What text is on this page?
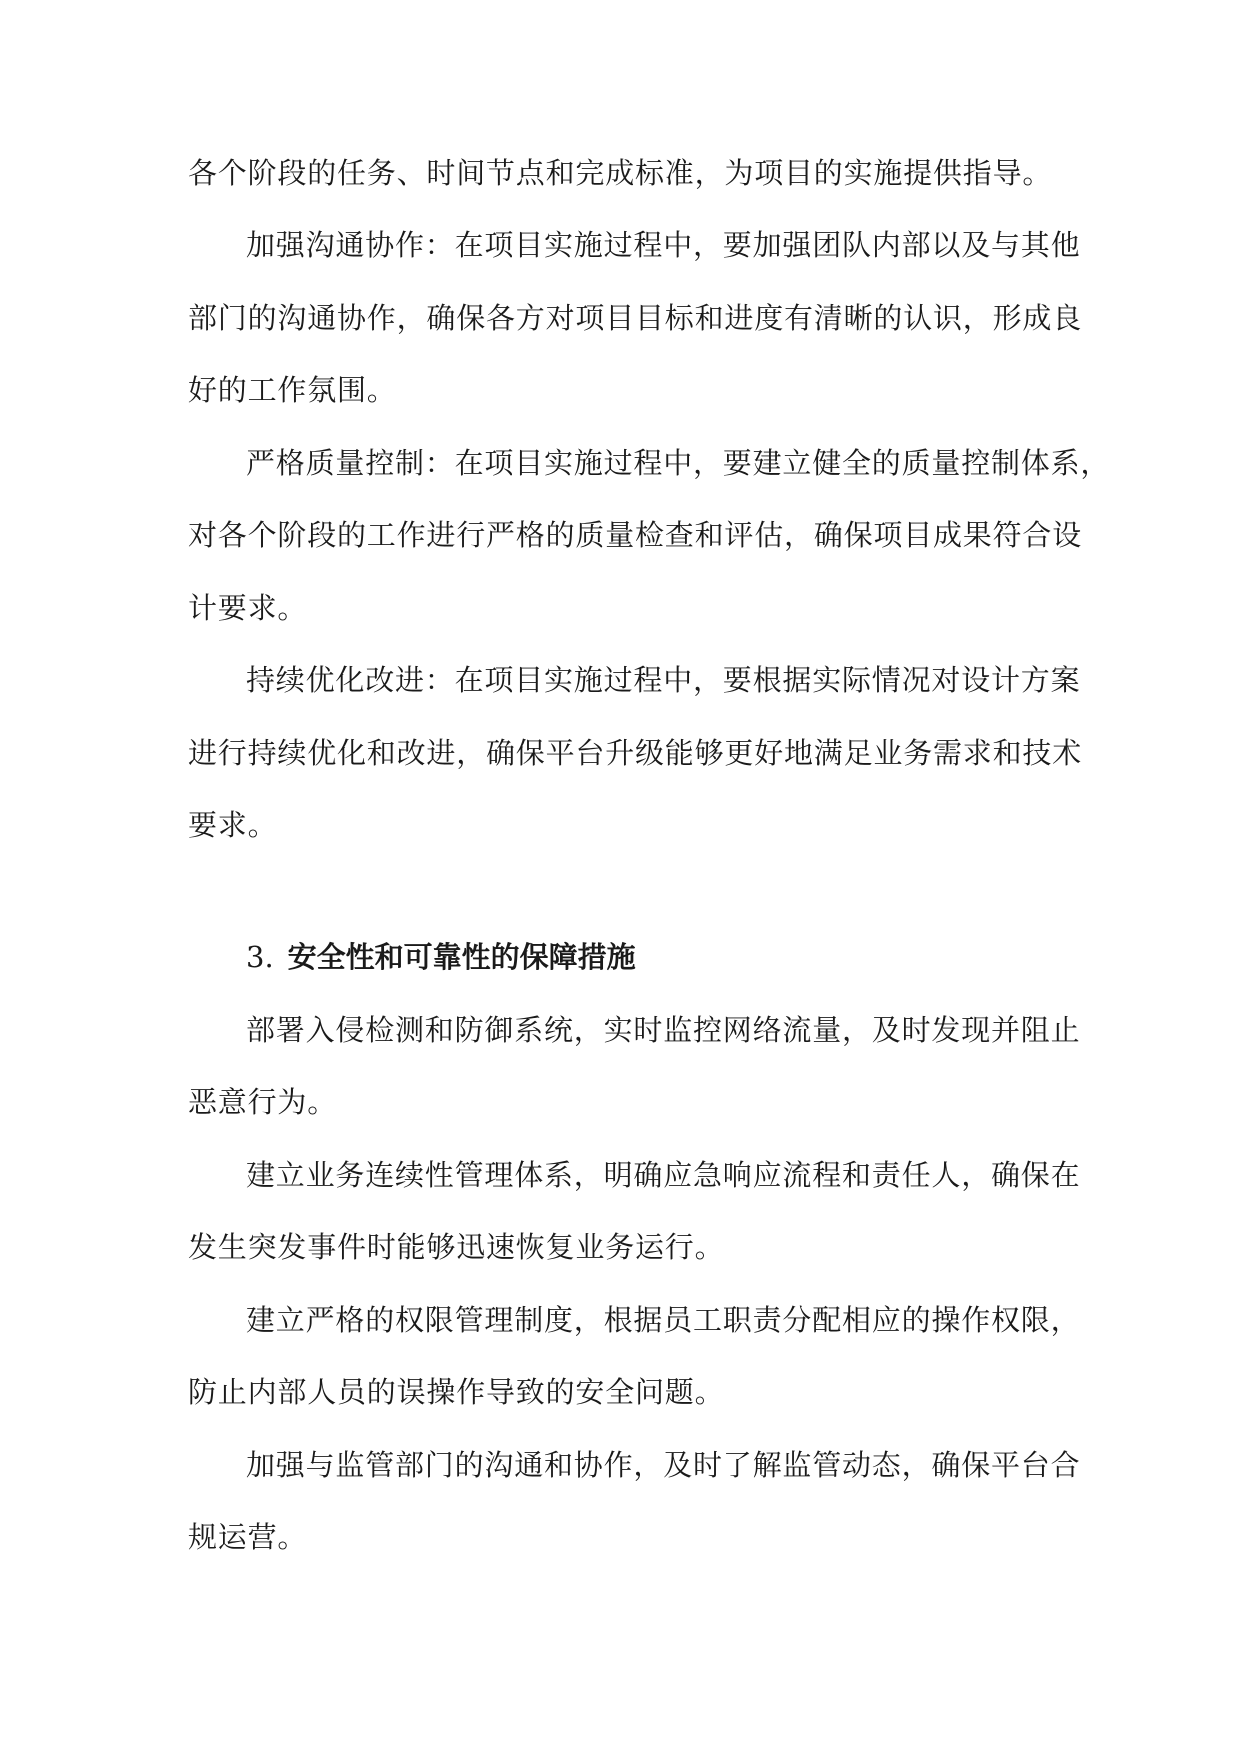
各个阶段的任务、时间节点和完成标准，为项目的实施提供指导。
加强沟通协作：在项目实施过程中，要加强团队内部以及与其他
部门的沟通协作，确保各方对项目目标和进度有清晰的认识，形成良
好的工作氛围。
严格质量控制：在项目实施过程中，要建立健全的质量控制体系，
对各个阶段的工作进行严格的质量检查和评估，确保项目成果符合设
计要求。
持续优化改进：在项目实施过程中，要根据实际情况对设计方案
进行持续优化和改进，确保平台升级能够更好地满足业务需求和技术
要求。
3. 安全性和可靠性的保障措施
部署入侵检测和防御系统，实时监控网络流量，及时发现并阻止
恶意行为。
建立业务连续性管理体系，明确应急响应流程和责任人，确保在
发生突发事件时能够迅速恢复业务运行。
建立严格的权限管理制度，根据员工职责分配相应的操作权限，
防止内部人员的误操作导致的安全问题。
加强与监管部门的沟通和协作，及时了解监管动态，确保平台合
规运营。
